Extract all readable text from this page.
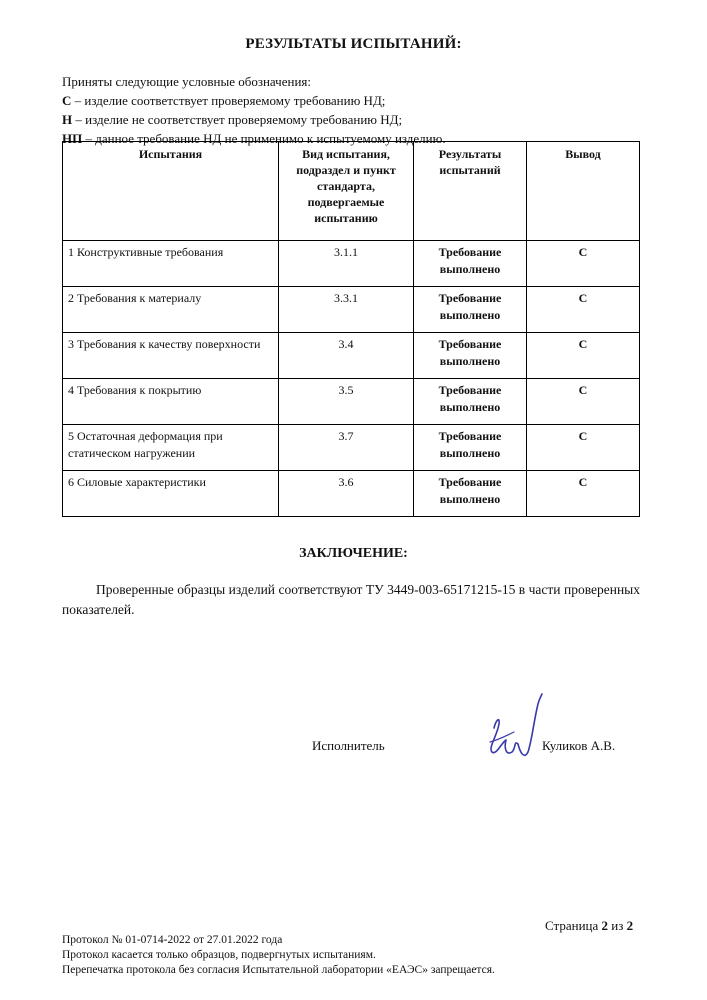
РЕЗУЛЬТАТЫ ИСПЫТАНИЙ:
Приняты следующие условные обозначения:
С – изделие соответствует проверяемому требованию НД;
Н – изделие не соответствует проверяемому требованию НД;
НП – данное требование НД не применимо к испытуемому изделию.
Испытания	Вид испытания, подраздел и пункт стандарта, подвергаемые испытанию	Результаты испытаний	Вывод
1 Конструктивные требования	3.1.1	Требование выполнено	С
2 Требования к материалу	3.3.1	Требование выполнено	С
3 Требования к качеству поверхности	3.4	Требование выполнено	С
4 Требования к покрытию	3.5	Требование выполнено	С
5 Остаточная деформация при статическом нагружении	3.7	Требование выполнено	С
6 Силовые характеристики	3.6	Требование выполнено	С
ЗАКЛЮЧЕНИЕ:
Проверенные образцы изделий соответствуют ТУ 3449-003-65171215-15 в части проверенных показателей.
Исполнитель	Куликов А.В.
Страница 2 из 2
Протокол № 01-0714-2022 от 27.01.2022 года
Протокол касается только образцов, подвергнутых испытаниям.
Перепечатка протокола без согласия Испытательной лаборатории «ЕАЭС» запрещается.
